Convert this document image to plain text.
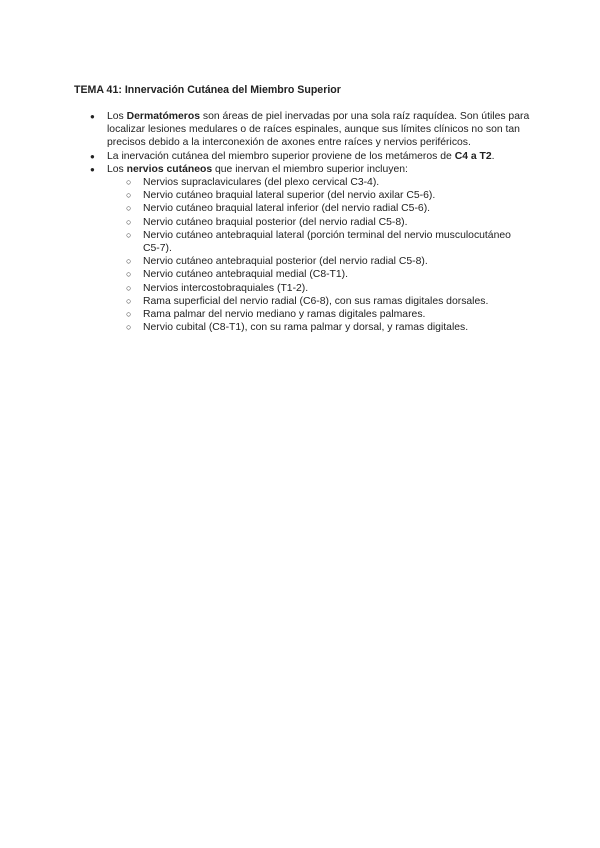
TEMA 41: Innervación Cutánea del Miembro Superior
●	Los Dermatómeros son áreas de piel inervadas por una sola raíz raquídea. Son útiles para localizar lesiones medulares o de raíces espinales, aunque sus límites clínicos no son tan precisos debido a la interconexión de axones entre raíces y nervios periféricos.
●	La inervación cutánea del miembro superior proviene de los metámeros de C4 a T2.
●	Los nervios cutáneos que inervan el miembro superior incluyen:
○ Nervios supraclaviculares (del plexo cervical C3-4).
○ Nervio cutáneo braquial lateral superior (del nervio axilar C5-6).
○ Nervio cutáneo braquial lateral inferior (del nervio radial C5-6).
○ Nervio cutáneo braquial posterior (del nervio radial C5-8).
○ Nervio cutáneo antebraquial lateral (porción terminal del nervio musculocutáneo C5-7).
○ Nervio cutáneo antebraquial posterior (del nervio radial C5-8).
○ Nervio cutáneo antebraquial medial (C8-T1).
○ Nervios intercostobraquiales (T1-2).
○ Rama superficial del nervio radial (C6-8), con sus ramas digitales dorsales.
○ Rama palmar del nervio mediano y ramas digitales palmares.
○ Nervio cubital (C8-T1), con su rama palmar y dorsal, y ramas digitales.
